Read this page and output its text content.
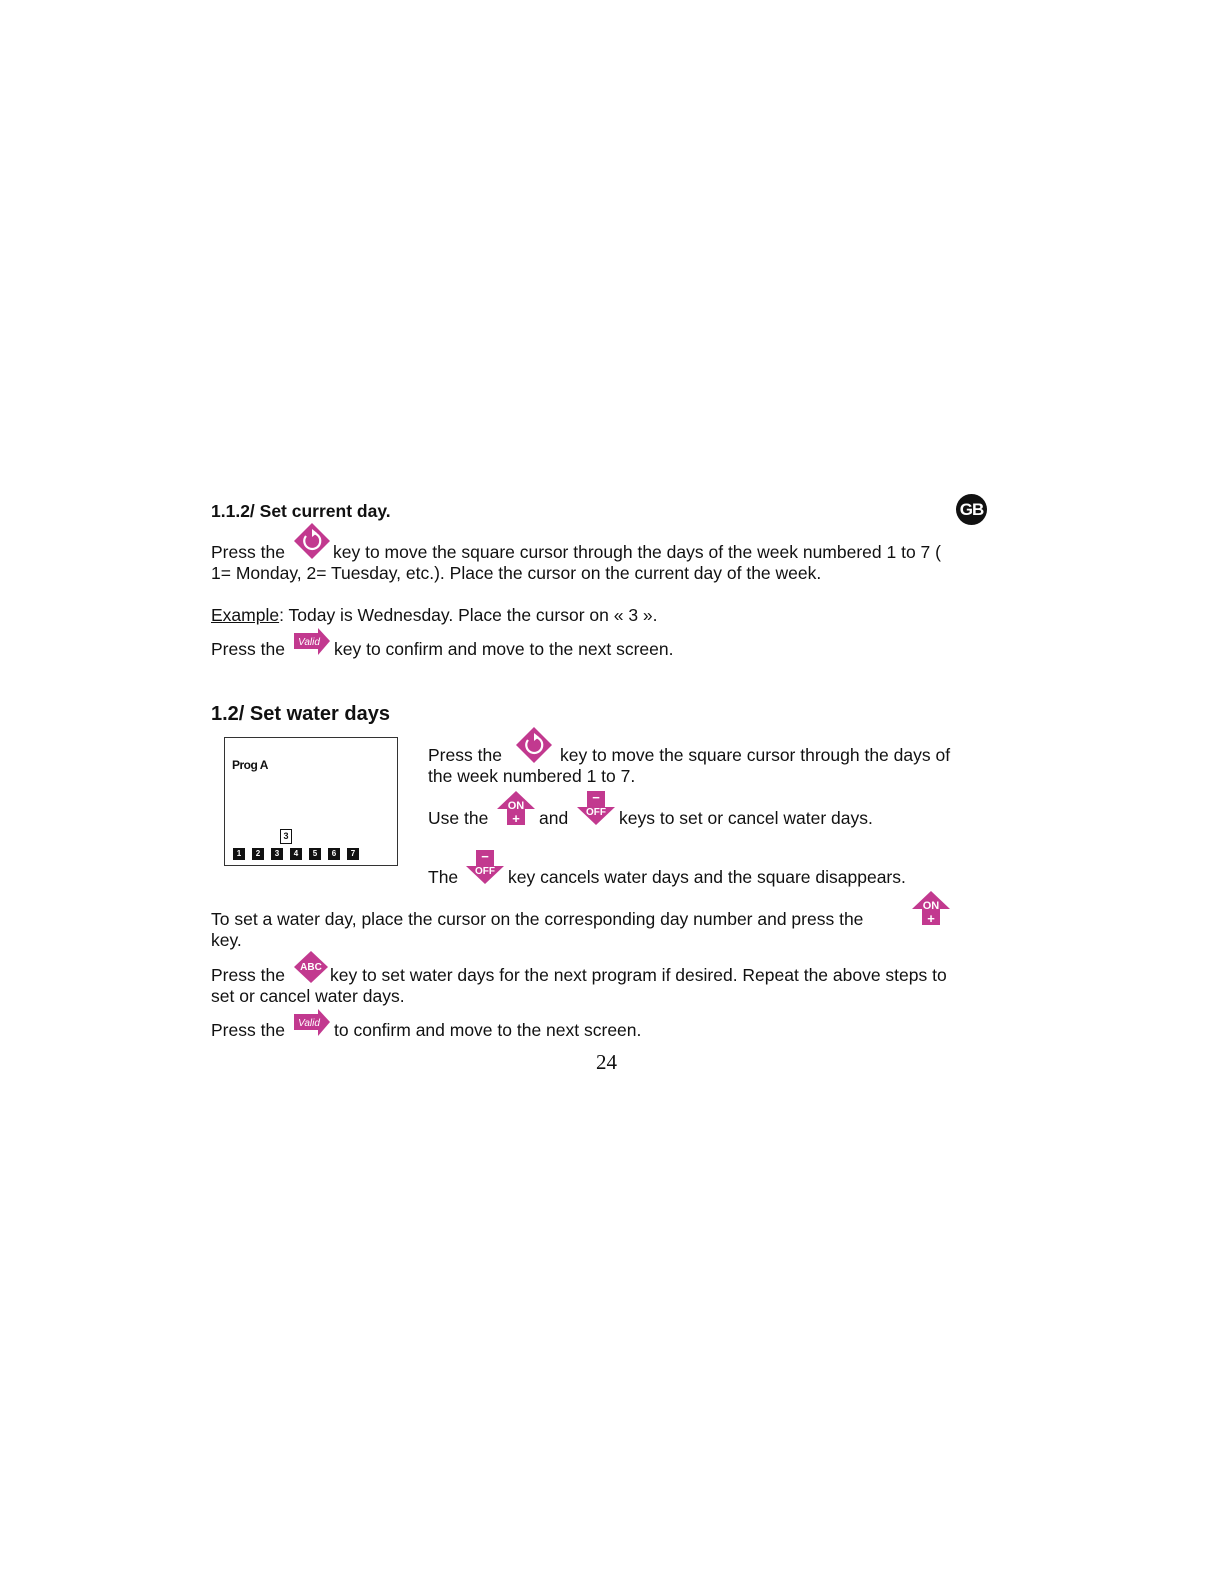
1.1.2/ Set current day.	GB
Press the	key to move the square cursor through the days of the week numbered 1 to 7 (
1= Monday, 2= Tuesday, etc.). Place the cursor on the current day of the week.
Example: Today is Wednesday. Place the cursor on « 3 ».
Press the Valid key to confirm and move to the next screen.
1.2/ Set water days
Prog A
3
1	2	3	4	5	6	7
Press the	key to move the square cursor through the days of
the week numbered 1 to 7.
Use the
ON
+ and
−
OFF keys to set or cancel water days.
The
−
OFF key cancels water days and the square disappears.
To set a water day, place the cursor on the corresponding day number and press the
ON
+
key.
Press the ABC key to set water days for the next program if desired. Repeat the above steps to
set or cancel water days.
Press the Valid to confirm and move to the next screen.
24
